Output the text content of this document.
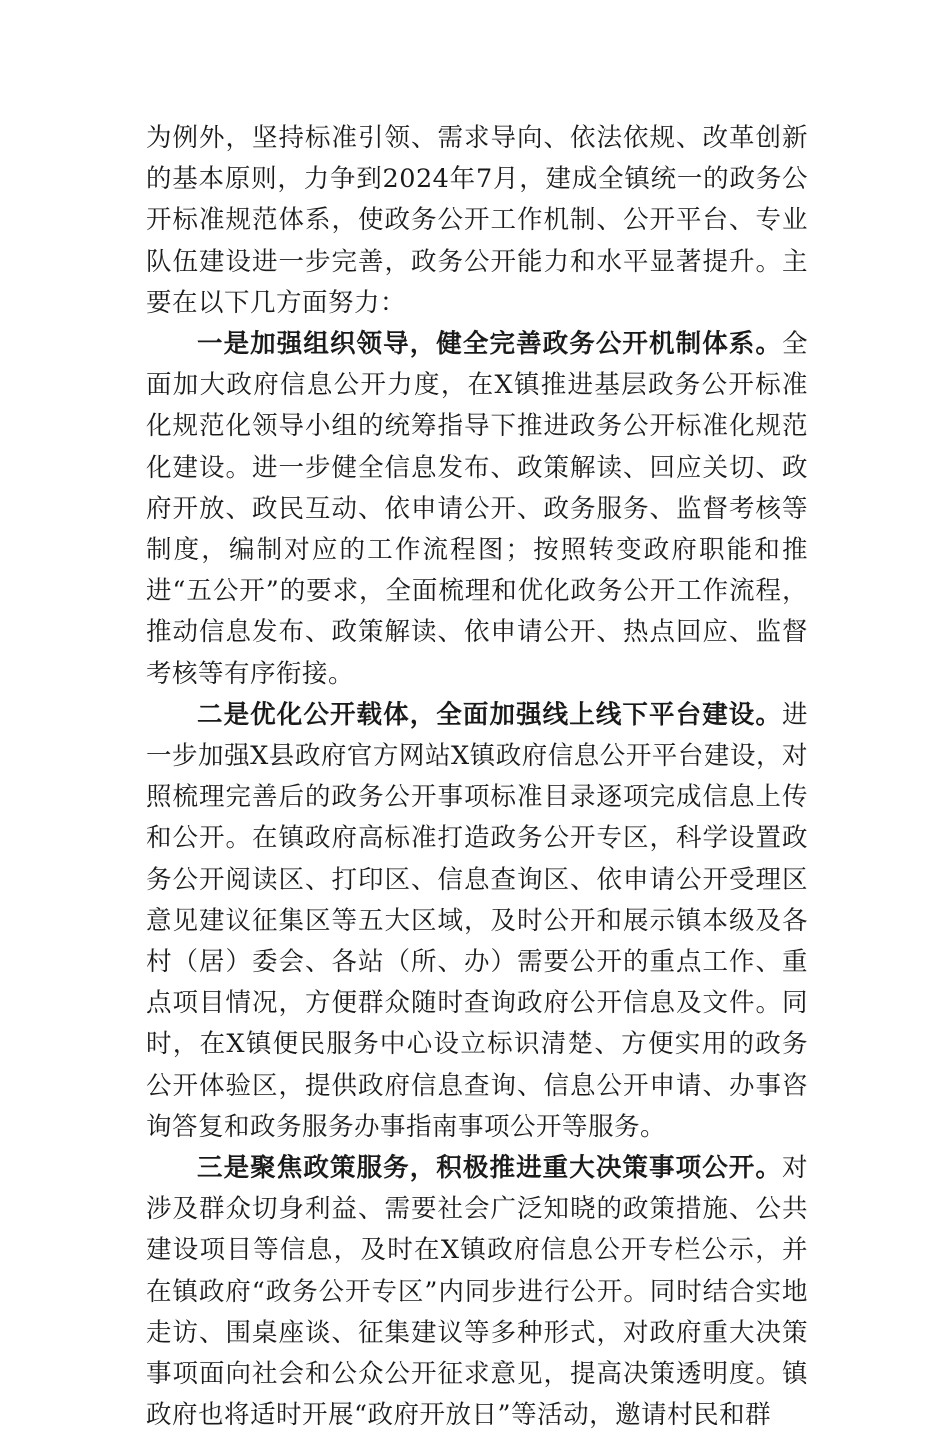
为例外，坚持标准引领、需求导向、依法依规、改革创新的基本原则，力争到2024年7月，建成全镇统一的政务公开标准规范体系，使政务公开工作机制、公开平台、专业队伍建设进一步完善，政务公开能力和水平显著提升。主要在以下几方面努力：

一是加强组织领导，健全完善政务公开机制体系。全面加大政府信息公开力度，在X镇推进基层政务公开标准化规范化领导小组的统筹指导下推进政务公开标准化规范化建设。进一步健全信息发布、政策解读、回应关切、政府开放、政民互动、依申请公开、政务服务、监督考核等制度，编制对应的工作流程图；按照转变政府职能和推进“五公开”的要求，全面梳理和优化政务公开工作流程，推动信息发布、政策解读、依申请公开、热点回应、监督考核等有序衔接。

二是优化公开载体，全面加强线上线下平台建设。进一步加强X县政府官方网站X镇政府信息公开平台建设，对照梳理完善后的政务公开事项标准目录逐项完成信息上传和公开。在镇政府高标准打造政务公开专区，科学设置政务公开阅读区、打印区、信息查询区、依申请公开受理区意见建议征集区等五大区域，及时公开和展示镇本级及各村（居）委会、各站（所、办）需要公开的重点工作、重点项目情况，方便群众随时查询政府公开信息及文件。同时，在X镇便民服务中心设立标识清楚、方便实用的政务公开体验区，提供政府信息查询、信息公开申请、办事咨询答复和政务服务办事指南事项公开等服务。

三是聚焦政策服务，积极推进重大决策事项公开。对涉及群众切身利益、需要社会广泛知晓的政策措施、公共建设项目等信息，及时在X镇政府信息公开专栏公示，并在镇政府“政务公开专区”内同步进行公开。同时结合实地走访、围桌座谈、征集建议等多种形式，对政府重大决策事项面向社会和公众公开征求意见，提高决策透明度。镇政府也将适时开展“政府开放日”等活动，邀请村民和群
